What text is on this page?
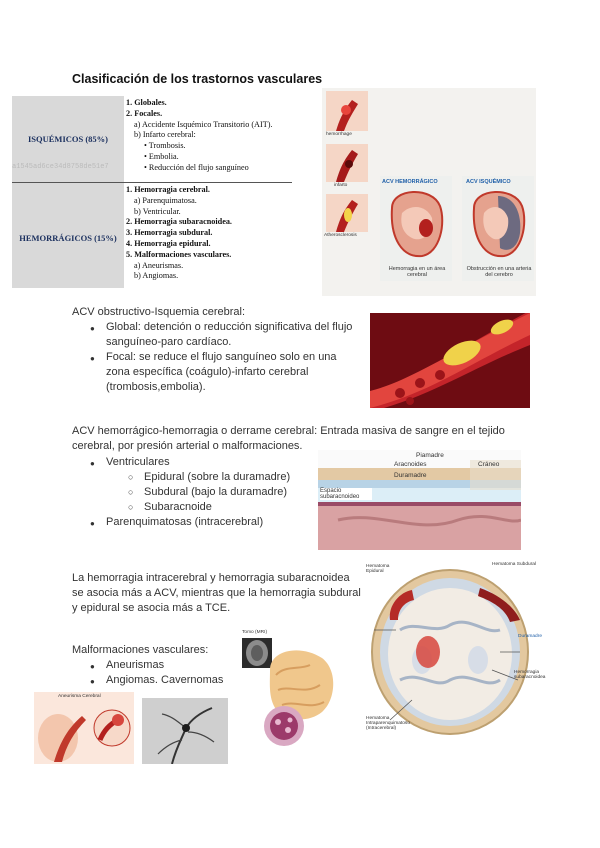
Clasificación de los trastornos vasculares
ISQUÉMICOS (85%)
HEMORRÁGICOS (15%)
1. Globales.
2. Focales.
a) Accidente Isquémico Transitorio (AIT).
b) Infarto cerebral:
• Trombosis.
• Embolia.
• Reducción del flujo sanguíneo
1. Hemorragia cerebral.
a) Parenquimatosa.
b) Ventricular.
2. Hemorragia subaracnoidea.
3. Hemorragia subdural.
4. Hemorragia epidural.
5. Malformaciones vasculares.
a) Aneurismas.
b) Angiomas.
a1545ad6ce34d8758de51e7
hemorrhage
infarto
Atherosclerosis
ACV HEMORRÁGICO	ACV ISQUÉMICO
Hemorragia en un área cerebral
Obstrucción en una arteria del cerebro
ACV obstructivo-Isquemia cerebral:
● Global: detención o reducción significativa del flujo sanguíneo-paro cardíaco.
● Focal: se reduce el flujo sanguíneo solo en una zona específica (coágulo)-infarto cerebral (trombosis,embolia).
ACV hemorrágico-hemorragia o derrame cerebral: Entrada masiva de sangre en el tejido cerebral, por presión arterial o malformaciones.
● Ventriculares
○ Epidural (sobre la duramadre)
○ Subdural (bajo la duramadre)
○ Subaracnoide
● Parenquimatosas (intracerebral)
Piamadre
Aracnoides	Cráneo
Duramadre
Espacio subaracnoideo
La hemorragia intracerebral y hemorragia subaracnoidea se asocia más a ACV, mientras que la hemorragia subdural y epidural se asocia más a TCE.
Hematoma Epidural
Hematoma Subdural
Duramadre
Hemorragia subaracnoidea
Hematoma Intraparenquimatoso (Intracerebral)
Malformaciones vasculares:
● Aneurismas
● Angiomas. Cavernomas
Tomo (MRI)
Aneurisma Cerebral
